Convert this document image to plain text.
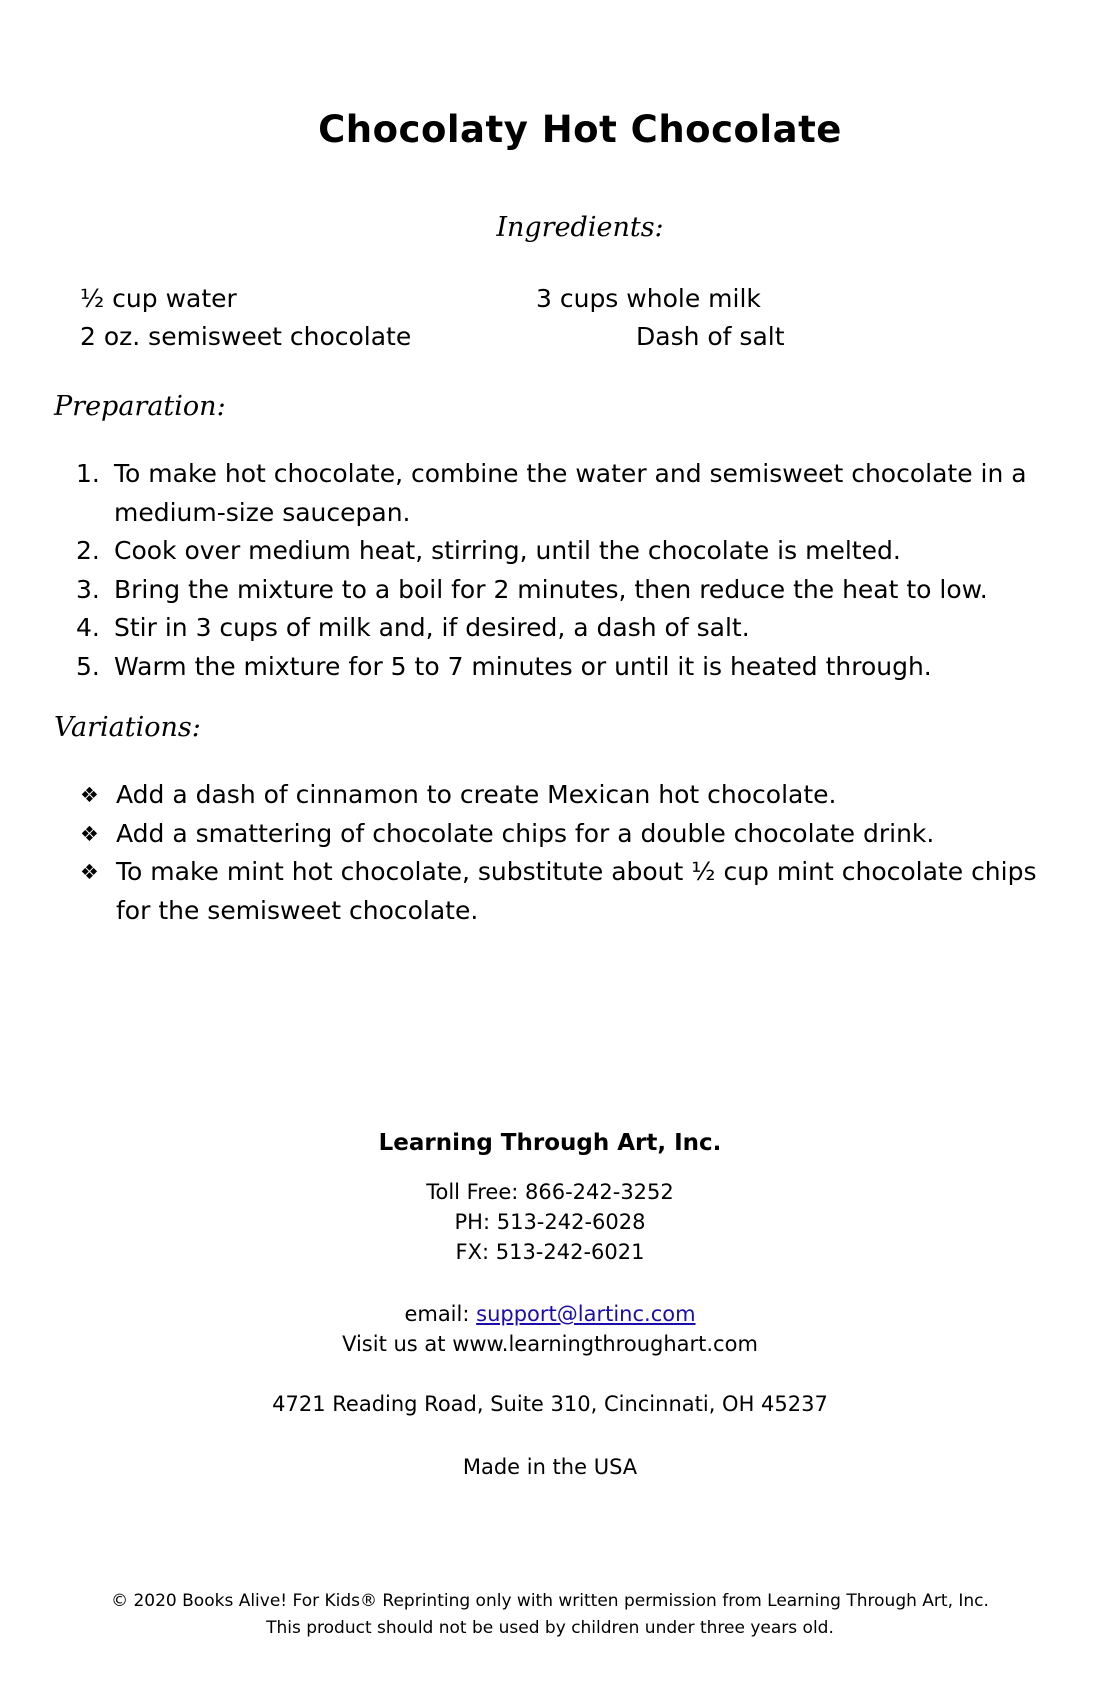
Chocolaty Hot Chocolate
Ingredients:
½ cup water	3 cups whole milk
2 oz. semisweet chocolate	Dash of salt
Preparation:
1. To make hot chocolate, combine the water and semisweet chocolate in a medium-size saucepan.
2. Cook over medium heat, stirring, until the chocolate is melted.
3. Bring the mixture to a boil for 2 minutes, then reduce the heat to low.
4. Stir in 3 cups of milk and, if desired, a dash of salt.
5. Warm the mixture for 5 to 7 minutes or until it is heated through.
Variations:
❖ Add a dash of cinnamon to create Mexican hot chocolate.
❖ Add a smattering of chocolate chips for a double chocolate drink.
❖ To make mint hot chocolate, substitute about ½ cup mint chocolate chips for the semisweet chocolate.
Learning Through Art, Inc.
Toll Free: 866-242-3252
PH: 513-242-6028
FX: 513-242-6021
email: support@lartinc.com
Visit us at www.learningthroughart.com
4721 Reading Road, Suite 310, Cincinnati, OH 45237
Made in the USA
© 2020 Books Alive! For Kids® Reprinting only with written permission from Learning Through Art, Inc.
This product should not be used by children under three years old.
